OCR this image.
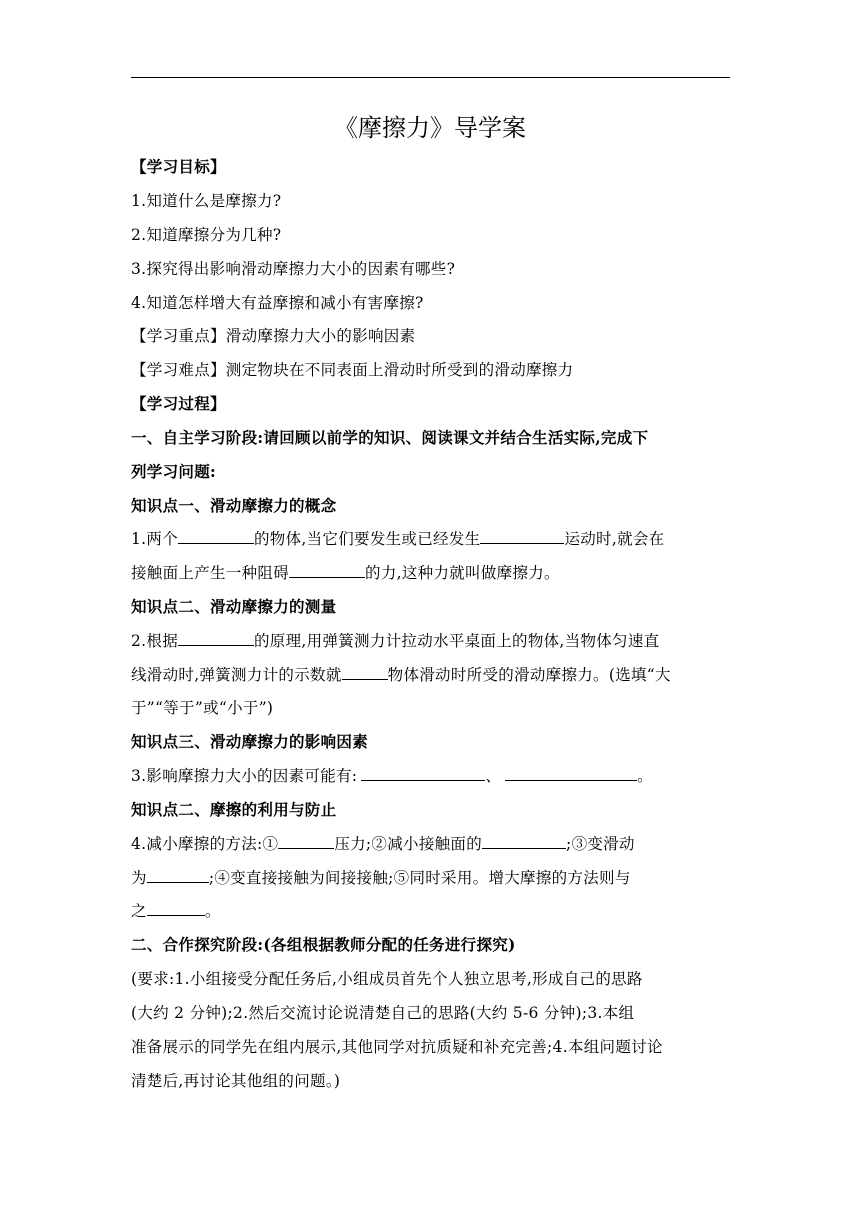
《摩擦力》导学案
【学习目标】
1.知道什么是摩擦力?
2.知道摩擦分为几种?
3.探究得出影响滑动摩擦力大小的因素有哪些?
4.知道怎样增大有益摩擦和减小有害摩擦?
【学习重点】滑动摩擦力大小的影响因素
【学习难点】测定物块在不同表面上滑动时所受到的滑动摩擦力
【学习过程】
一、自主学习阶段:请回顾以前学的知识、阅读课文并结合生活实际,完成下
列学习问题:
知识点一、滑动摩擦力的概念
1.两个	的物体,当它们要发生或已经发生	运动时,就会在
接触面上产生一种阻碍	的力,这种力就叫做摩擦力。
知识点二、滑动摩擦力的测量
2.根据	的原理,用弹簧测力计拉动水平桌面上的物体,当物体匀速直
线滑动时,弹簧测力计的示数就	物体滑动时所受的滑动摩擦力。(选填“大
于”“等于”或“小于”)
知识点三、滑动摩擦力的影响因素
3.影响摩擦力大小的因素可能有:	、	。
知识点二、摩擦的利用与防止
4.减小摩擦的方法:①	压力;②减小接触面的	;③变滑动
为	;④变直接接触为间接接触;⑤同时采用。增大摩擦的方法则与
之	。
二、合作探究阶段:(各组根据教师分配的任务进行探究)
(要求:1.小组接受分配任务后,小组成员首先个人独立思考,形成自己的思路
(大约 2 分钟);2.然后交流讨论说清楚自己的思路(大约 5-6 分钟);3.本组
准备展示的同学先在组内展示,其他同学对抗质疑和补充完善;4.本组问题讨论
清楚后,再讨论其他组的问题。)
